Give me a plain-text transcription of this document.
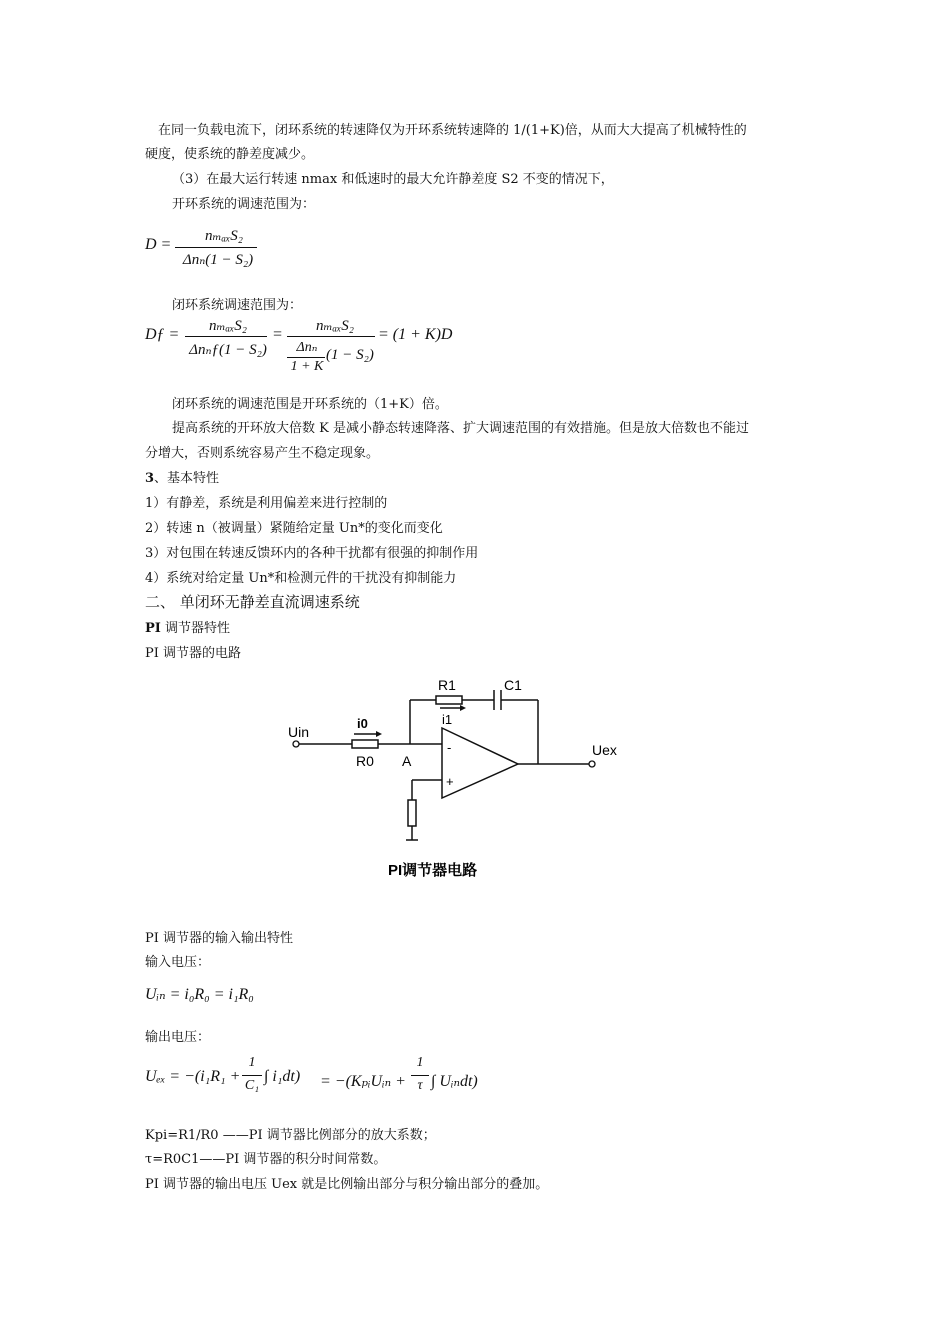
在同一负载电流下，闭环系统的转速降仅为开环系统转速降的 1/(1+K)倍，从而大大提高了机械特性的
硬度，使系统的静差度减少。
（3）在最大运行转速 nmax 和低速时的最大允许静差度 S2 不变的情况下，
开环系统的调速范围为：
D =	nₘₐₓS₂
Δnₙ(1 − S₂)
闭环系统调速范围为：
Dƒ =	nₘₐₓS₂
Δnₙƒ(1 − S₂)
=	nₘₐₓS₂
Δnₙ
1 + K
(1 − S₂)
= (1 + K)D
闭环系统的调速范围是开环系统的（1+K）倍。
提高系统的开环放大倍数 K 是减小静态转速降落、扩大调速范围的有效措施。但是放大倍数也不能过
分增大，否则系统容易产生不稳定现象。
3、基本特性
1）有静差，系统是利用偏差来进行控制的
2）转速 n（被调量）紧随给定量 Un*的变化而变化
3）对包围在转速反馈环内的各种干扰都有很强的抑制作用
4）系统对给定量 Un*和检测元件的干扰没有抑制能力
二、 单闭环无静差直流调速系统
PI 调节器特性
PI 调节器的电路
Uin
Uex
R0
R1	C1
i0	i1
A
-
+
PI调节器电路
PI 调节器的输入输出特性
输入电压：
Uᵢₙ = i₀R₀ = i₁R₀
输出电压：
Uₑₓ = −(i₁R₁ +
1
C₁
∫ i₁dt) = −(KₚᵢUᵢₙ +
1
τ ∫ Uᵢₙdt)
Kpi=R1/R0 ——PI 调节器比例部分的放大系数；
τ=R0C1——PI 调节器的积分时间常数。
PI 调节器的输出电压 Uex 就是比例输出部分与积分输出部分的叠加。
